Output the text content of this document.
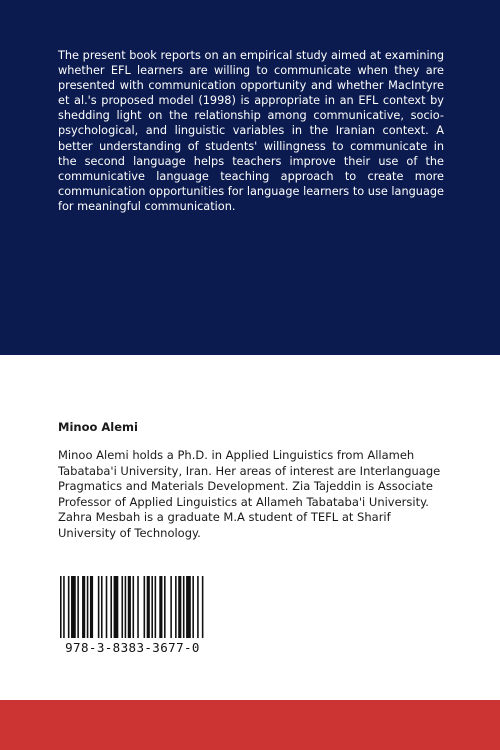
The present book reports on an empirical study aimed at examining whether EFL learners are willing to communicate when they are presented with communication opportunity and whether MacIntyre et al.'s proposed model (1998) is appropriate in an EFL context by shedding light on the relationship among communicative, socio-psychological, and linguistic variables in the Iranian context. A better understanding of students' willingness to communicate in the second language helps teachers improve their use of the communicative language teaching approach to create more communication opportunities for language learners to use language for meaningful communication.

Minoo Alemi

Minoo Alemi holds a Ph.D. in Applied Linguistics from Allameh Tabataba'i University, Iran. Her areas of interest are Interlanguage Pragmatics and Materials Development. Zia Tajeddin is Associate Professor of Applied Linguistics at Allameh Tabataba'i University. Zahra Mesbah is a graduate M.A student of TEFL at Sharif University of Technology.

978-3-8383-3677-0
